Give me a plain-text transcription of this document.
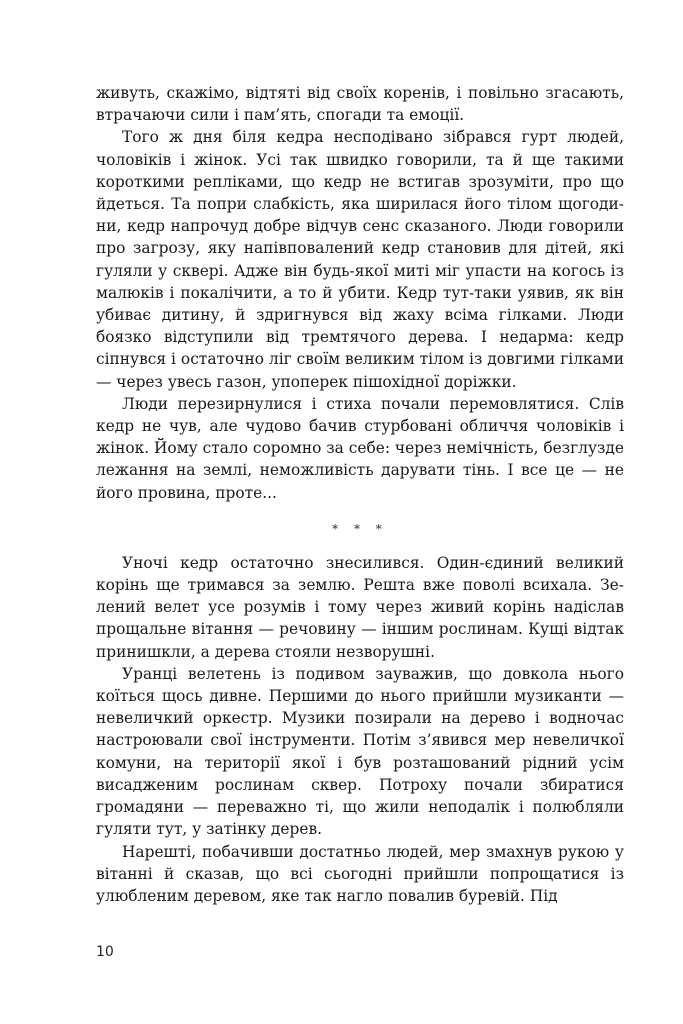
живуть, скажімо, відтяті від своїх коренів, і повільно згасають, втрачаючи сили і пам’ять, спогади та емоції.

Того ж дня біля кедра несподівано зібрався гурт людей, чоловіків і жінок. Усі так швидко говорили, та й ще такими короткими репліками, що кедр не встигав зрозуміти, про що йдеться. Та попри слабкість, яка ширилася його тілом щогодини, кедр напрочуд добре відчув сенс сказаного. Люди говорили про загрозу, яку напівповалений кедр становив для дітей, які гуляли у сквері. Адже він будь-якої миті міг упасти на когось із малюків і покалічити, а то й убити. Кедр тут-таки уявив, як він убиває дитину, й здригнувся від жаху всіма гілками. Люди боязко відступили від тремтячого дерева. І недарма: кедр сіпнувся і остаточно ліг своїм великим тілом із довгими гілками — через увесь газон, упоперек пішохідної доріжки.

Люди перезирнулися і стиха почали перемовлятися. Слів кедр не чув, але чудово бачив стурбовані обличчя чоловіків і жінок. Йому стало соромно за себе: через немічність, безглузде лежання на землі, неможливість дарувати тінь. І все це — не його провина, проте...

* * *

Уночі кедр остаточно знесилився. Один-єдиний великий корінь ще тримався за землю. Решта вже поволі всихала. Зелений велет усе розумів і тому через живий корінь надіслав прощальне вітання — речовину — іншим рослинам. Кущі відтак принишкли, а дерева стояли незворушні.

Уранці велетень із подивом зауважив, що довкола нього коїться щось дивне. Першими до нього прийшли музиканти — невеличкий оркестр. Музики позирали на дерево і водночас настроювали свої інструменти. Потім з’явився мер невеличкої комуни, на території якої і був розташований рідний усім висадженим рослинам сквер. Потроху почали збиратися громадяни — переважно ті, що жили неподалік і полюбляли гуляти тут, у затінку дерев.

Нарешті, побачивши достатньо людей, мер змахнув рукою у вітанні й сказав, що всі сьогодні прийшли попрощатися із улюбленим деревом, яке так нагло повалив буревій. Під

10
